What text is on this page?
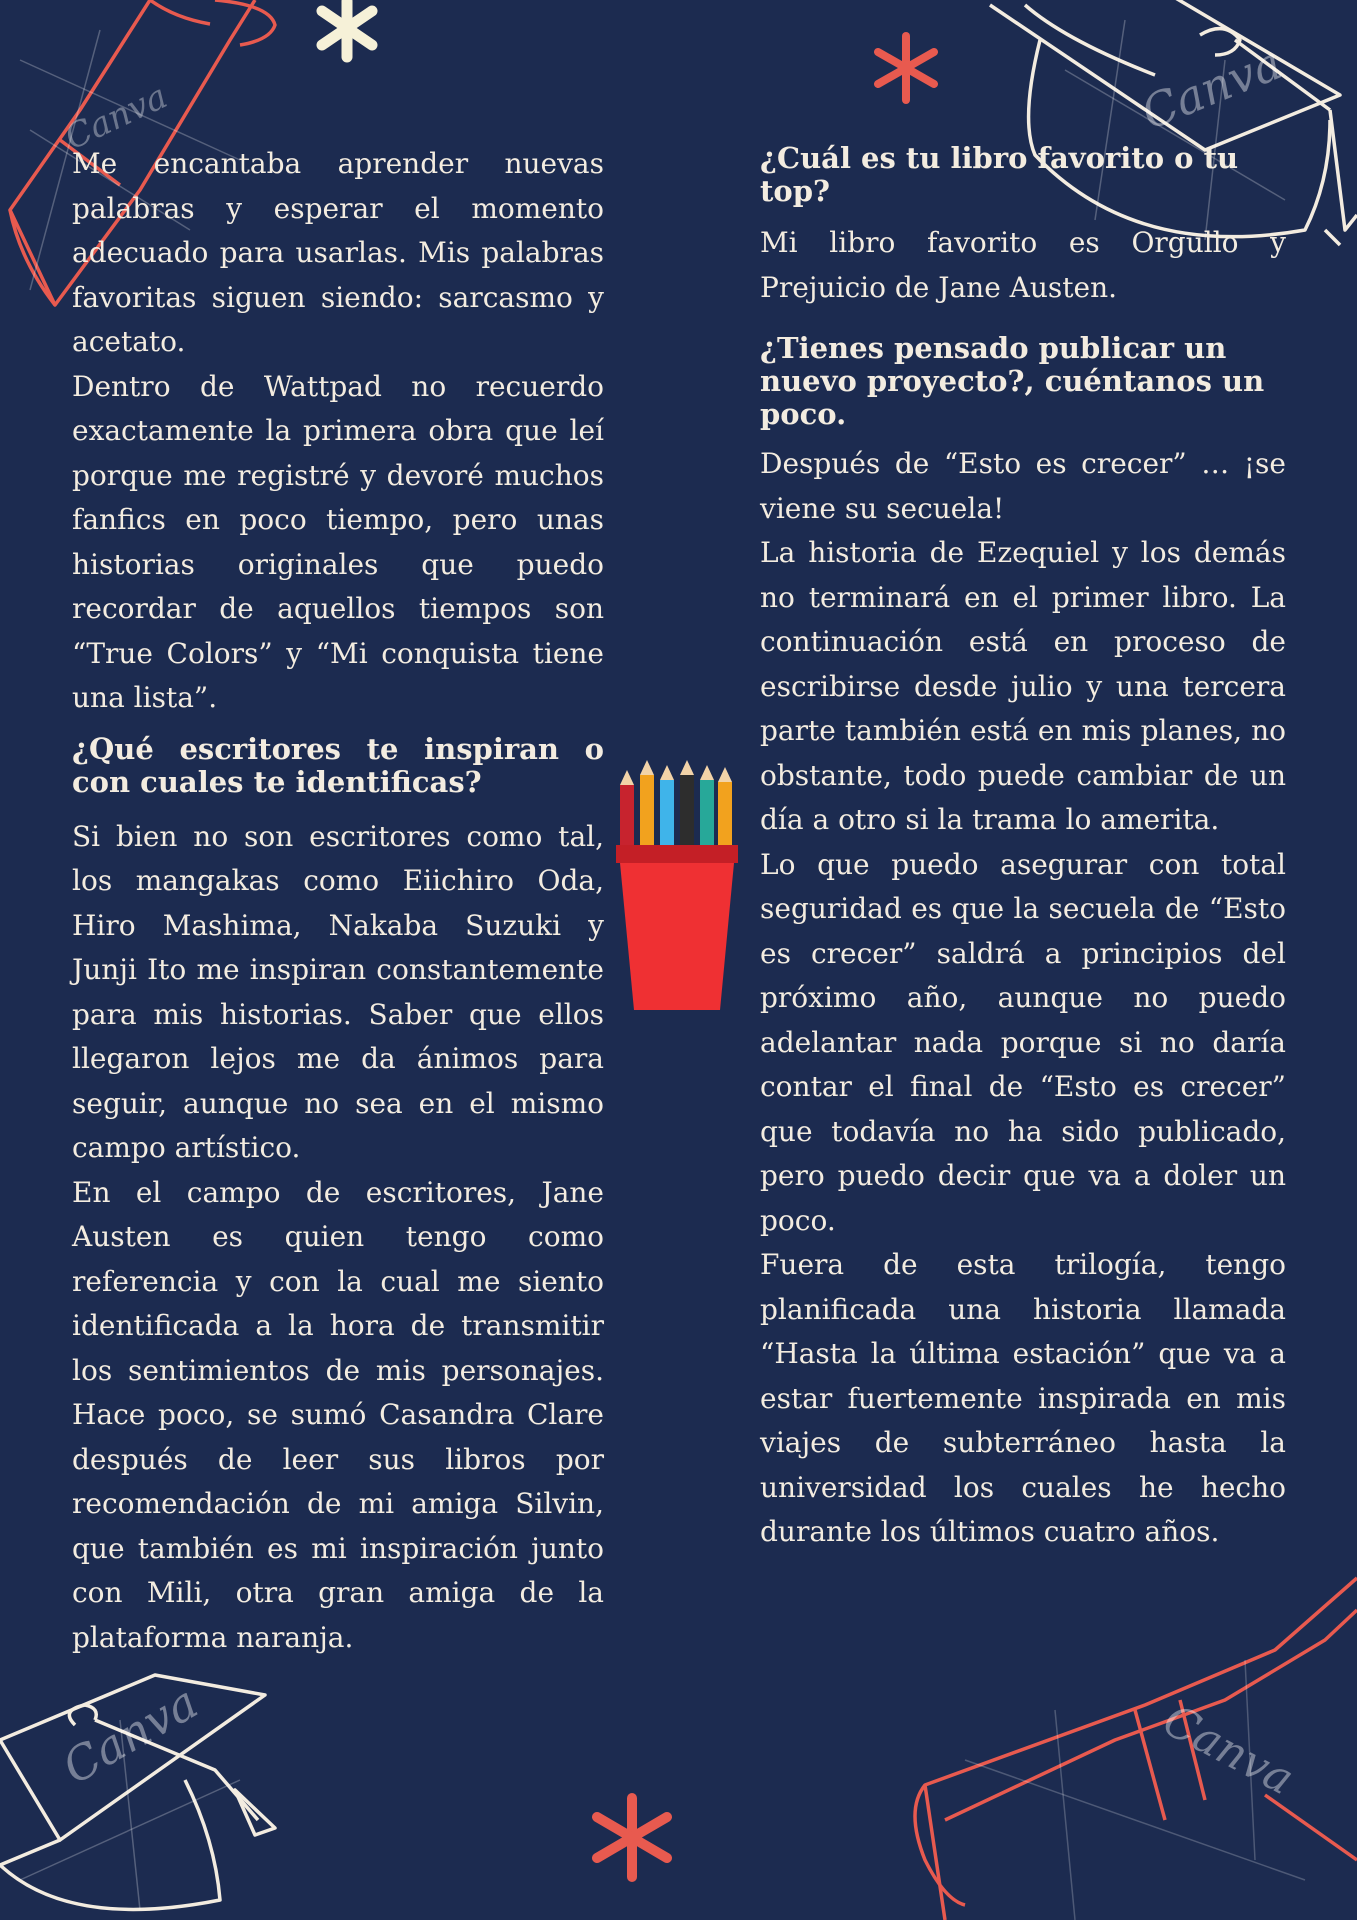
Canva	Canva
Canva	Canva

Me encantaba aprender nuevas palabras y esperar el momento adecuado para usarlas. Mis palabras favoritas siguen siendo: sarcasmo y acetato.

Dentro de Wattpad no recuerdo exactamente la primera obra que leí porque me registré y devoré muchos fanfics en poco tiempo, pero unas historias originales que puedo recordar de aquellos tiempos son “True Colors” y “Mi conquista tiene una lista”.

¿Qué escritores te inspiran o con cuales te identificas?

Si bien no son escritores como tal, los mangakas como Eiichiro Oda, Hiro Mashima, Nakaba Suzuki y Junji Ito me inspiran constantemente para mis historias. Saber que ellos llegaron lejos me da ánimos para seguir, aunque no sea en el mismo campo artístico.

En el campo de escritores, Jane Austen es quien tengo como referencia y con la cual me siento identificada a la hora de transmitir los sentimientos de mis personajes. Hace poco, se sumó Casandra Clare después de leer sus libros por recomendación de mi amiga Silvin, que también es mi inspiración junto con Mili, otra gran amiga de la plataforma naranja.

¿Cuál es tu libro favorito o tu top?

Mi libro favorito es Orgullo y Prejuicio de Jane Austen.

¿Tienes pensado publicar un nuevo proyecto?, cuéntanos un poco.

Después de “Esto es crecer” … ¡se viene su secuela!

La historia de Ezequiel y los demás no terminará en el primer libro. La continuación está en proceso de escribirse desde julio y una tercera parte también está en mis planes, no obstante, todo puede cambiar de un día a otro si la trama lo amerita.

Lo que puedo asegurar con total seguridad es que la secuela de “Esto es crecer” saldrá a principios del próximo año, aunque no puedo adelantar nada porque si no daría contar el final de “Esto es crecer” que todavía no ha sido publicado, pero puedo decir que va a doler un poco.

Fuera de esta trilogía, tengo planificada una historia llamada “Hasta la última estación” que va a estar fuertemente inspirada en mis viajes de subterráneo hasta la universidad los cuales he hecho durante los últimos cuatro años.
